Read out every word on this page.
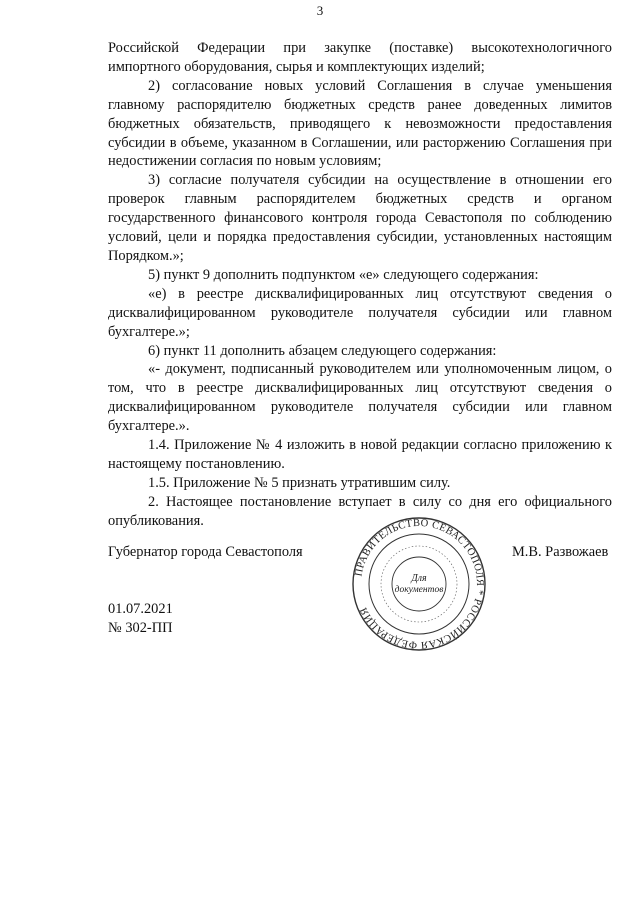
3

Российской Федерации при закупке (поставке) высокотехнологичного импортного оборудования, сырья и комплектующих изделий;

2) согласование новых условий Соглашения в случае уменьшения главному распорядителю бюджетных средств ранее доведенных лимитов бюджетных обязательств, приводящего к невозможности предоставления субсидии в объеме, указанном в Соглашении, или расторжению Соглашения при недостижении согласия по новым условиям;

3) согласие получателя субсидии на осуществление в отношении его проверок главным распорядителем бюджетных средств и органом государственного финансового контроля города Севастополя по соблюдению условий, цели и порядка предоставления субсидии, установленных настоящим Порядком.»;

5) пункт 9 дополнить подпунктом «е» следующего содержания:

«е) в реестре дисквалифицированных лиц отсутствуют сведения о дисквалифицированном руководителе получателя субсидии или главном бухгалтере.»;

6) пункт 11 дополнить абзацем следующего содержания:

«- документ, подписанный руководителем или уполномоченным лицом, о том, что в реестре дисквалифицированных лиц отсутствуют сведения о дисквалифицированном руководителе получателя субсидии или главном бухгалтере.».

1.4. Приложение № 4 изложить в новой редакции согласно приложению к настоящему постановлению.

1.5. Приложение № 5 признать утратившим силу.

2. Настоящее постановление вступает в силу со дня его официального опубликования.

Губернатор города Севастополя	М.В. Развожаев
ПРАВИТЕЛЬСТВО СЕВАСТОПОЛЯ * РОССИЙСКАЯ ФЕДЕРАЦИЯ
Для
документов
01.07.2021
№ 302-ПП
